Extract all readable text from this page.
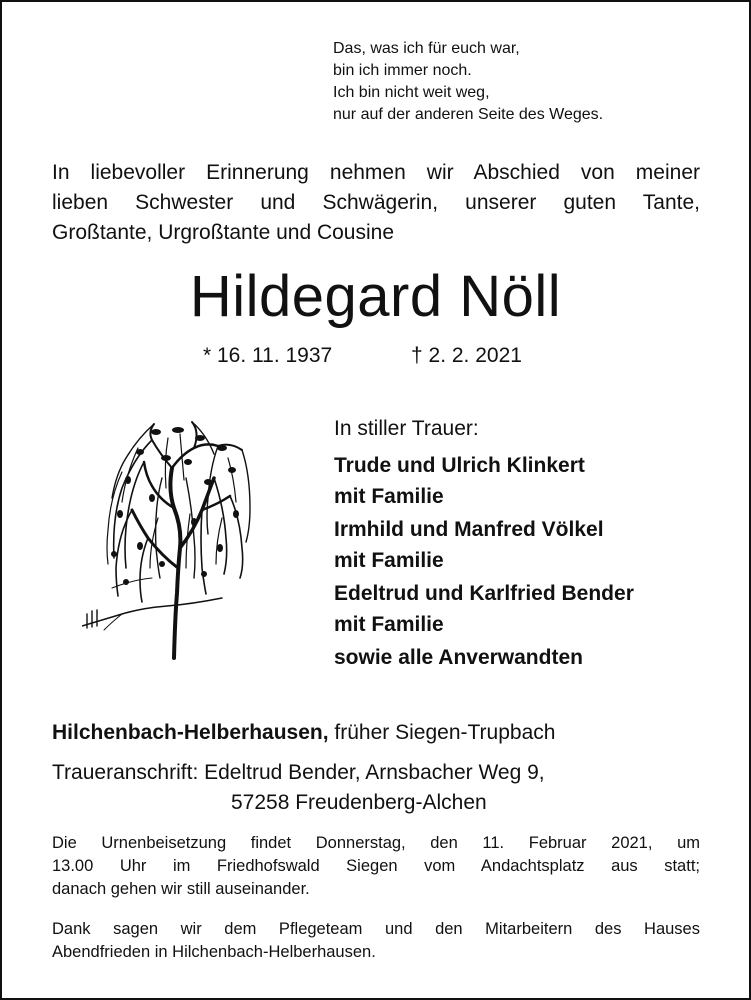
Das, was ich für euch war,
bin ich immer noch.
Ich bin nicht weit weg,
nur auf der anderen Seite des Weges.
In liebevoller Erinnerung nehmen wir Abschied von meiner
lieben Schwester und Schwägerin, unserer guten Tante,
Großtante, Urgroßtante und Cousine
Hildegard Nöll
* 16. 11. 1937	† 2. 2. 2021
In stiller Trauer:
Trude und Ulrich Klinkert
mit Familie
Irmhild und Manfred Völkel
mit Familie
Edeltrud und Karlfried Bender
mit Familie
sowie alle Anverwandten
Hilchenbach-Helberhausen, früher Siegen-Trupbach
Traueranschrift: Edeltrud Bender, Arnsbacher Weg 9,
57258 Freudenberg-Alchen
Die Urnenbeisetzung findet Donnerstag, den 11. Februar 2021, um
13.00 Uhr im Friedhofswald Siegen vom Andachtsplatz aus statt;
danach gehen wir still auseinander.
Dank sagen wir dem Pflegeteam und den Mitarbeitern des Hauses
Abendfrieden in Hilchenbach-Helberhausen.
